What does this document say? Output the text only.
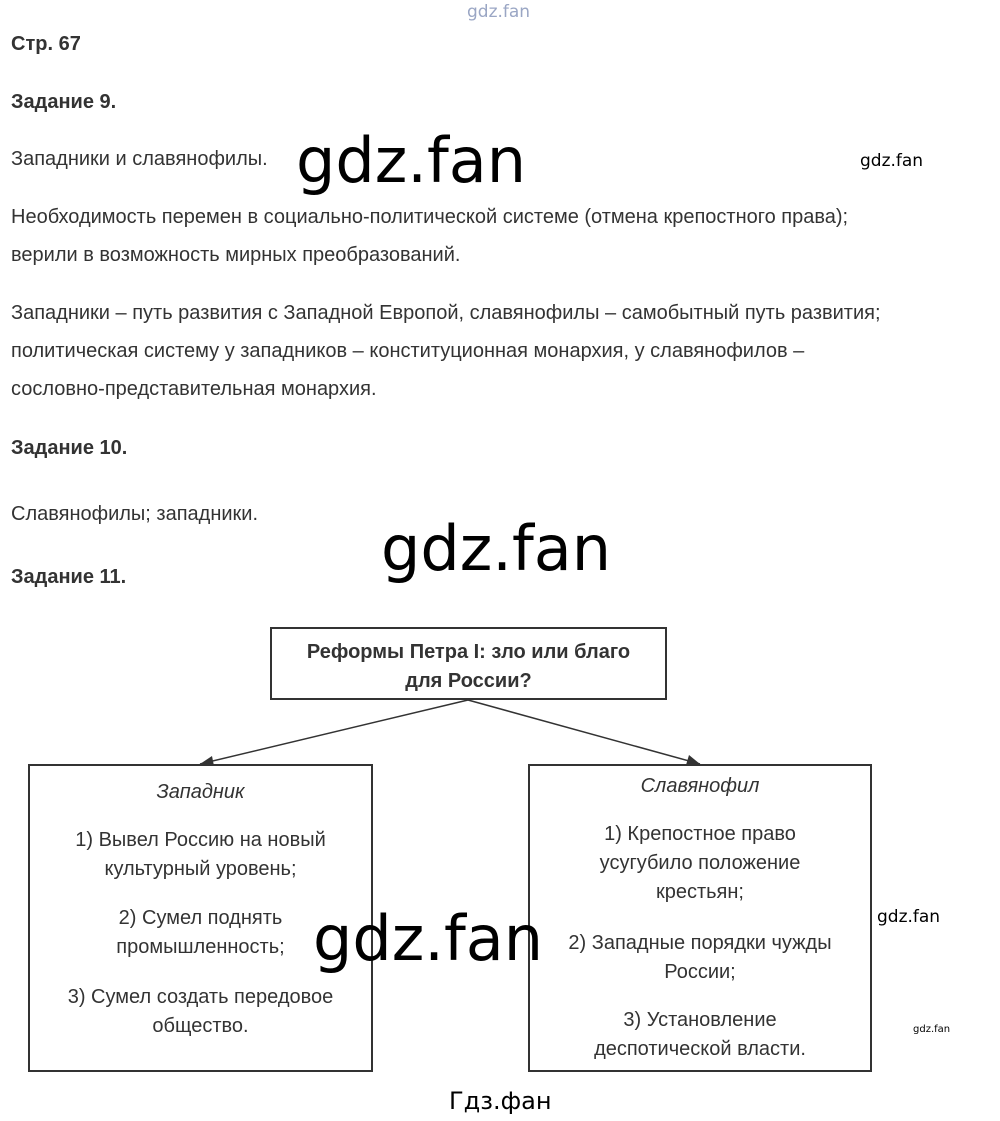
gdz.fan
Стр. 67
Задание 9.
Западники и славянофилы.
Необходимость перемен в социально-политической системе (отмена крепостного права);
верили в возможность мирных преобразований.
Западники – путь развития с Западной Европой, славянофилы – самобытный путь развития;
политическая систему у западников – конституционная монархия, у славянофилов –
сословно-представительная монархия.
Задание 10.
Славянофилы; западники.
Задание 11.
Реформы Петра I: зло или благо
для России?
Западник
1) Вывел Россию на новый
культурный уровень;
2) Сумел поднять
промышленность;
3) Сумел создать передовое
общество.
Славянофил
1) Крепостное право
усугубило положение
крестьян;
2) Западные порядки чужды
России;
3) Установление
деспотической власти.
gdz.fan
gdz.fan
gdz.fan
gdz.fan
gdz.fan
gdz.fan
Гдз.фан
